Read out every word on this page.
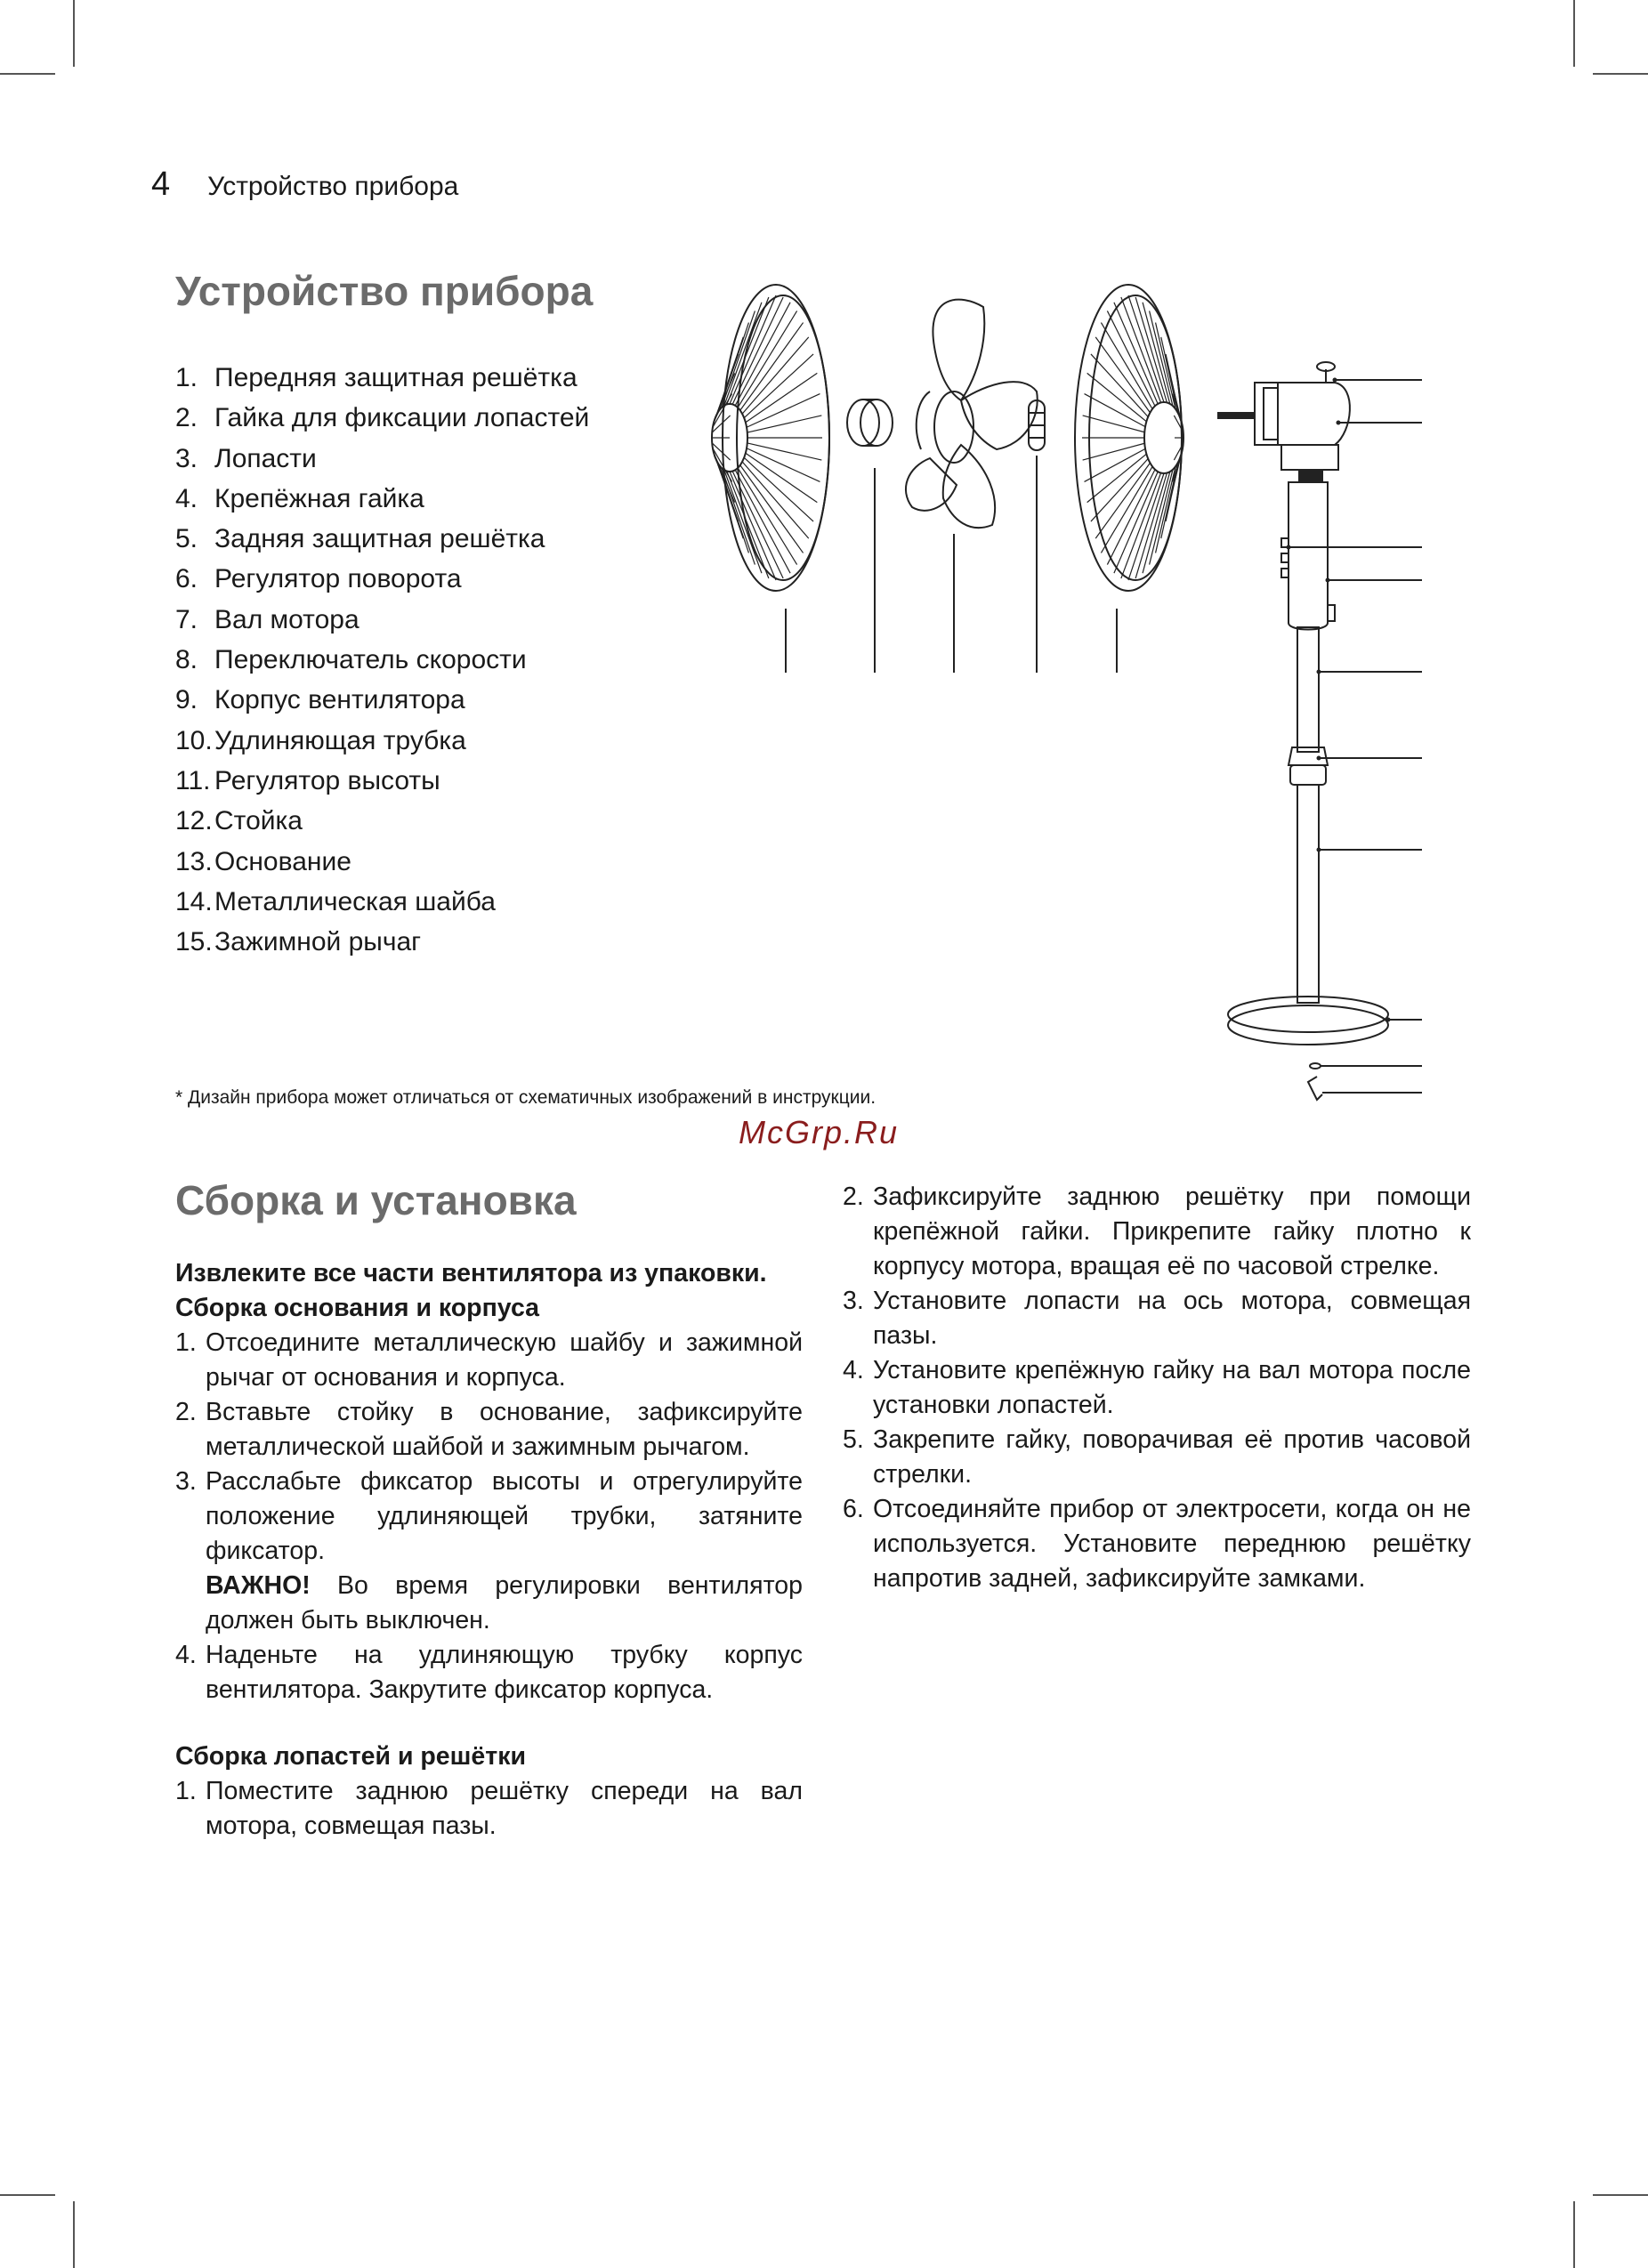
4 Устройство прибора
Устройство прибора
1. Передняя защитная решётка
2. Гайка для фиксации лопастей
3. Лопасти
4. Крепёжная гайка
5. Задняя защитная решётка
6. Регулятор поворота
7. Вал мотора
8. Переключатель скорости
9. Корпус вентилятора
10. Удлиняющая трубка
11. Регулятор высоты
12. Стойка
13. Основание
14. Металлическая шайба
15. Зажимной рычаг
* Дизайн прибора может отличаться от схематичных изображений в инструкции.
McGrp.Ru
Сборка и установка

Извлеките все части вентилятора из упаковки.

Сборка основания и корпуса

1. Отсоедините металлическую шайбу и зажимной рычаг от основания и корпуса.
2. Вставьте стойку в основание, зафиксируйте металлической шайбой и зажимным рычагом.
3. Расслабьте фиксатор высоты и отрегулируйте положение удлиняющей трубки, затяните фиксатор.
ВАЖНО! Во время регулировки вентилятор должен быть выключен.
4. Наденьте на удлиняющую трубку корпус вентилятора. Закрутите фиксатор корпуса.

Сборка лопастей и решётки

1. Поместите заднюю решётку спереди на вал мотора, совмещая пазы.
2. Зафиксируйте заднюю решётку при помощи крепёжной гайки. Прикрепите гайку плотно к корпусу мотора, вращая её по часовой стрелке.
3. Установите лопасти на ось мотора, совмещая пазы.
4. Установите крепёжную гайку на вал мотора после установки лопастей.
5. Закрепите гайку, поворачивая её против часовой стрелки.
6. Отсоединяйте прибор от электросети, когда он не используется. Установите переднюю решётку напротив задней, зафиксируйте замками.
